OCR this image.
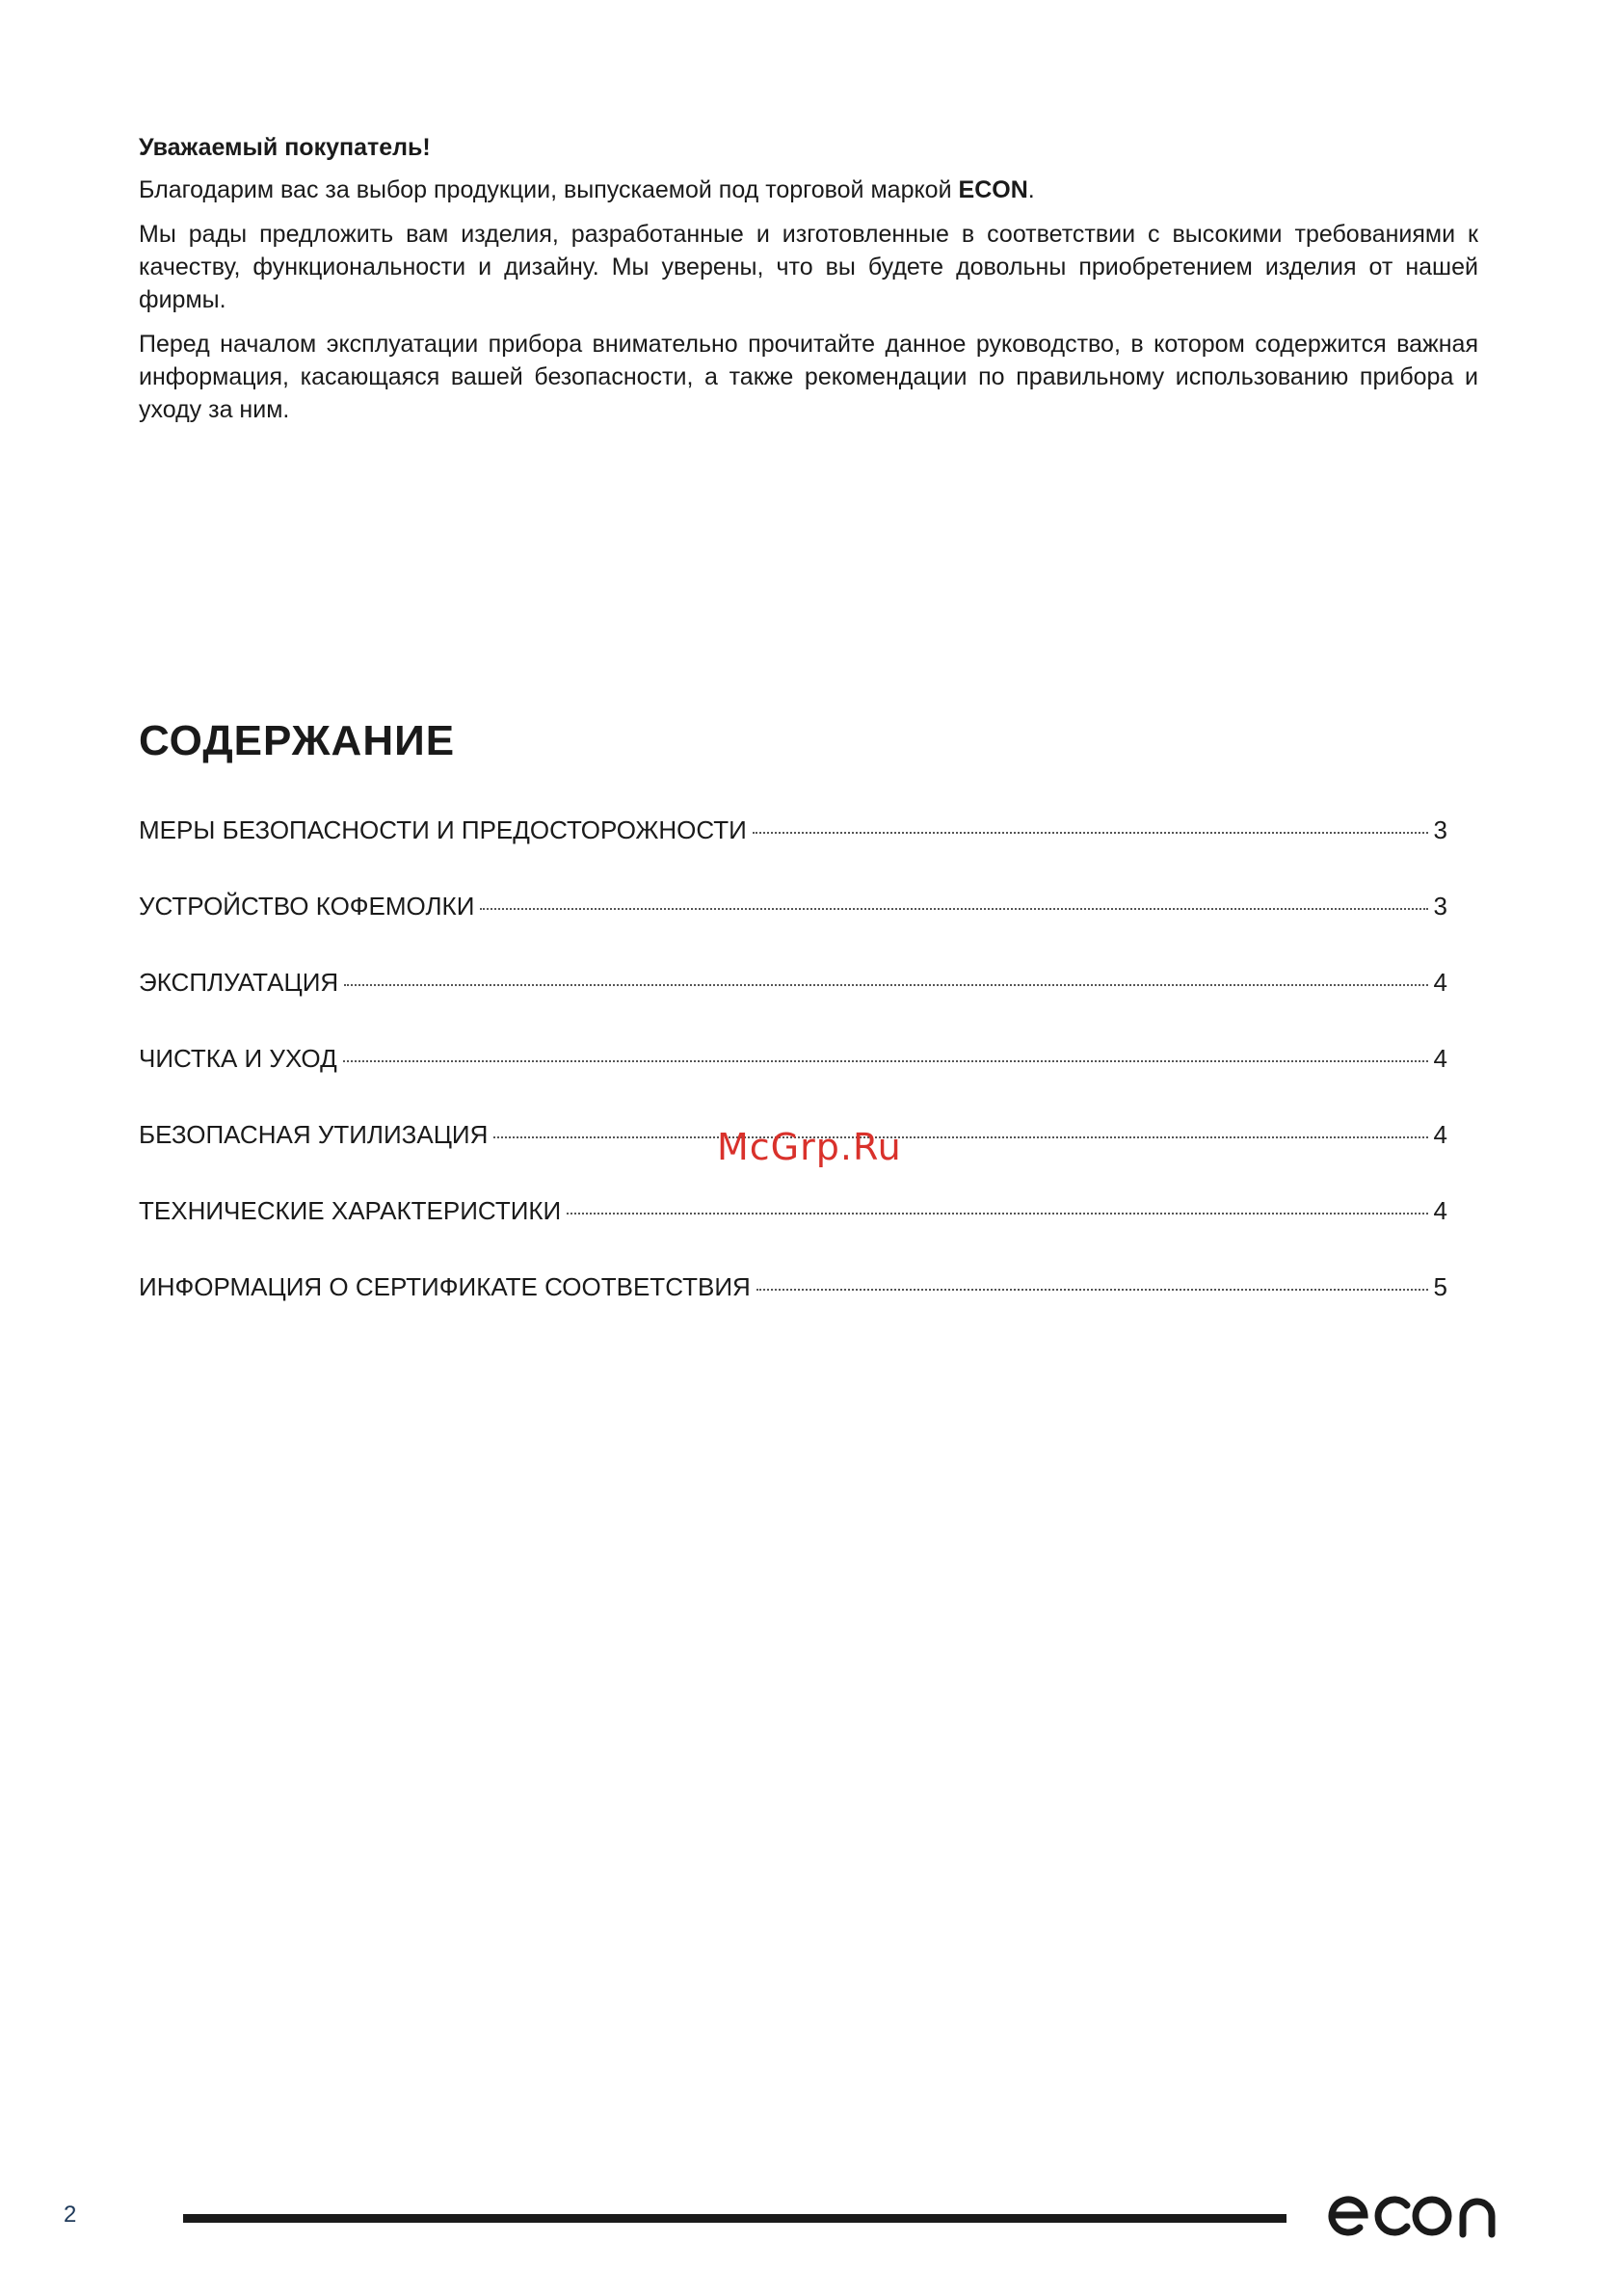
Уважаемый покупатель!

Благодарим вас за выбор продукции, выпускаемой под торговой маркой ECON.

Мы рады предложить вам изделия, разработанные и изготовленные в соответствии с высокими требованиями к качеству, функциональности и дизайну. Мы уверены, что вы будете довольны приобретением изделия от нашей фирмы.

Перед началом эксплуатации прибора внимательно прочитайте данное руководство, в котором содержится важная информация, касающаяся вашей безопасности, а также рекомендации по правильному использованию прибора и уходу за ним.

СОДЕРЖАНИЕ
МЕРЫ БЕЗОПАСНОСТИ И ПРЕДОСТОРОЖНОСТИ	3
УСТРОЙСТВО КОФЕМОЛКИ	3
ЭКСПЛУАТАЦИЯ	4
ЧИСТКА И УХОД	4
БЕЗОПАСНАЯ УТИЛИЗАЦИЯ	4
ТЕХНИЧЕСКИЕ ХАРАКТЕРИСТИКИ	4
ИНФОРМАЦИЯ О СЕРТИФИКАТЕ СООТВЕТСТВИЯ	5
McGrp.Ru
2
